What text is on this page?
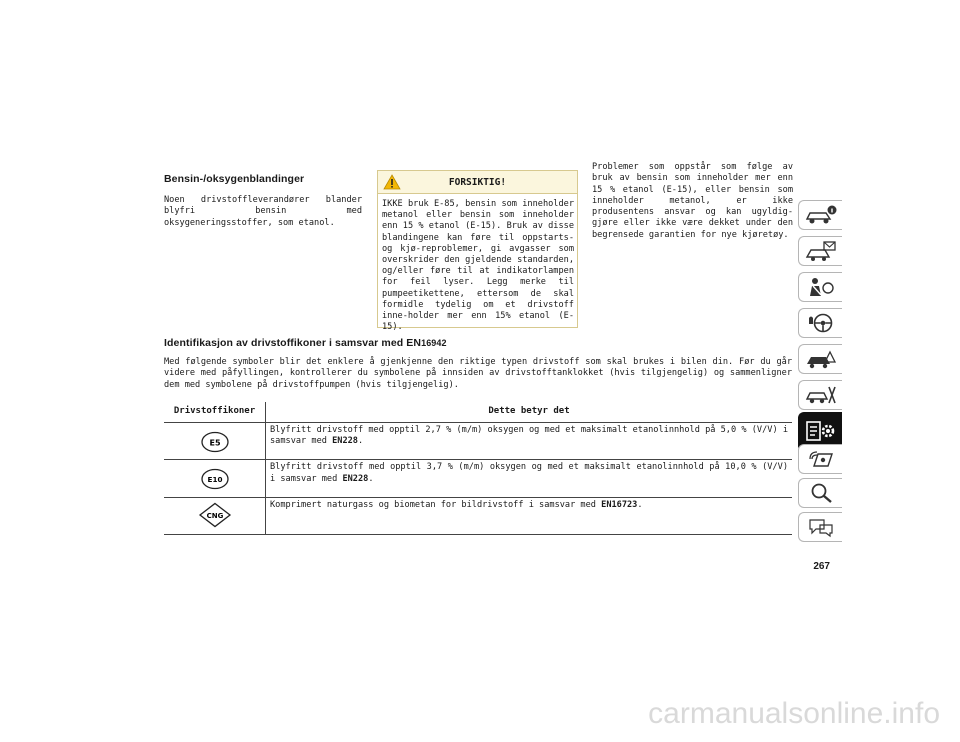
Bensin-/oksygenblandinger
Noen drivstoffleverandører blander blyfri bensin med oksygeneringsstoffer, som etanol.
FORSIKTIG!
IKKE bruk E-85, bensin som inneholder metanol eller bensin som inneholder enn 15 % etanol (E-15). Bruk av disse blandingene kan føre til oppstarts- og kjø-reproblemer, gi avgasser som overskrider den gjeldende standarden, og/eller føre til at indikatorlampen for feil lyser. Legg merke til pumpeetikettene, ettersom de skal formidle tydelig om et drivstoff inne-holder mer enn 15% etanol (E-15).
Problemer som oppstår som følge av bruk av bensin som inneholder mer enn 15 % etanol (E-15), eller bensin som inneholder metanol, er ikke produsentens ansvar og kan ugyldig-gjøre eller ikke være dekket under den begrensede garantien for nye kjøretøy.
Identifikasjon av drivstoffikoner i samsvar med EN16942
Med følgende symboler blir det enklere å gjenkjenne den riktige typen drivstoff som skal brukes i bilen din. Før du går videre med påfyllingen, kontrollerer du symbolene på innsiden av drivstofftanklokket (hvis tilgjengelig) og sammenligner dem med symbolene på drivstoffpumpen (hvis tilgjengelig).
Drivstoffikoner	Dette betyr det

E5	Blyfritt drivstoff med opptil 2,7 % (m/m) oksygen og med et maksimalt etanolinnhold på 5,0 % (V/V) i samsvar med EN228.

E10	Blyfritt drivstoff med opptil 3,7 % (m/m) oksygen og med et maksimalt etanolinnhold på 10,0 % (V/V) i samsvar med EN228.

CNG	Komprimert naturgass og biometan for bildrivstoff i samsvar med EN16723.
267
carmanualsonline.info
